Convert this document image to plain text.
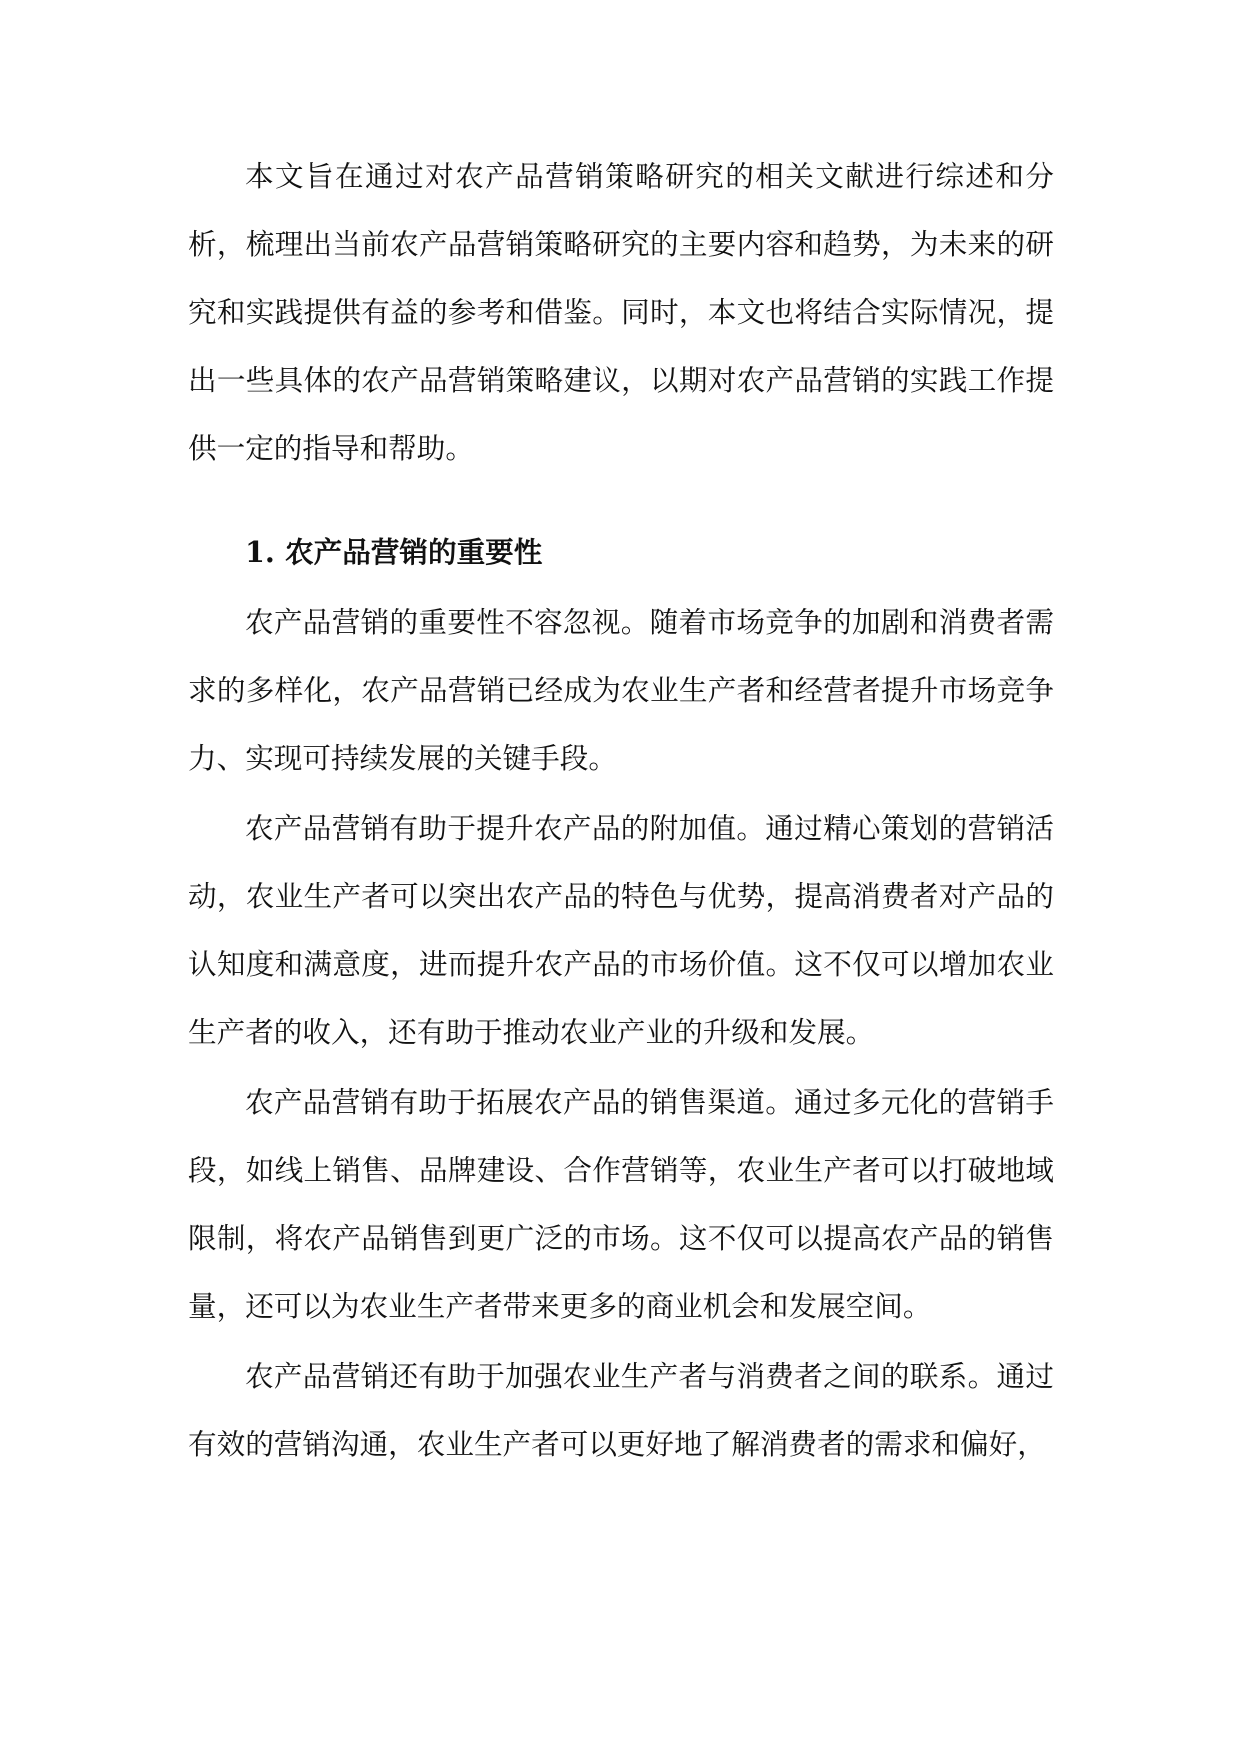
本文旨在通过对农产品营销策略研究的相关文献进行综述和分析，梳理出当前农产品营销策略研究的主要内容和趋势，为未来的研究和实践提供有益的参考和借鉴。同时，本文也将结合实际情况，提出一些具体的农产品营销策略建议，以期对农产品营销的实践工作提供一定的指导和帮助。

1. 农产品营销的重要性

农产品营销的重要性不容忽视。随着市场竞争的加剧和消费者需求的多样化，农产品营销已经成为农业生产者和经营者提升市场竞争力、实现可持续发展的关键手段。

农产品营销有助于提升农产品的附加值。通过精心策划的营销活动，农业生产者可以突出农产品的特色与优势，提高消费者对产品的认知度和满意度，进而提升农产品的市场价值。这不仅可以增加农业生产者的收入，还有助于推动农业产业的升级和发展。

农产品营销有助于拓展农产品的销售渠道。通过多元化的营销手段，如线上销售、品牌建设、合作营销等，农业生产者可以打破地域限制，将农产品销售到更广泛的市场。这不仅可以提高农产品的销售量，还可以为农业生产者带来更多的商业机会和发展空间。

农产品营销还有助于加强农业生产者与消费者之间的联系。通过有效的营销沟通，农业生产者可以更好地了解消费者的需求和偏好，
